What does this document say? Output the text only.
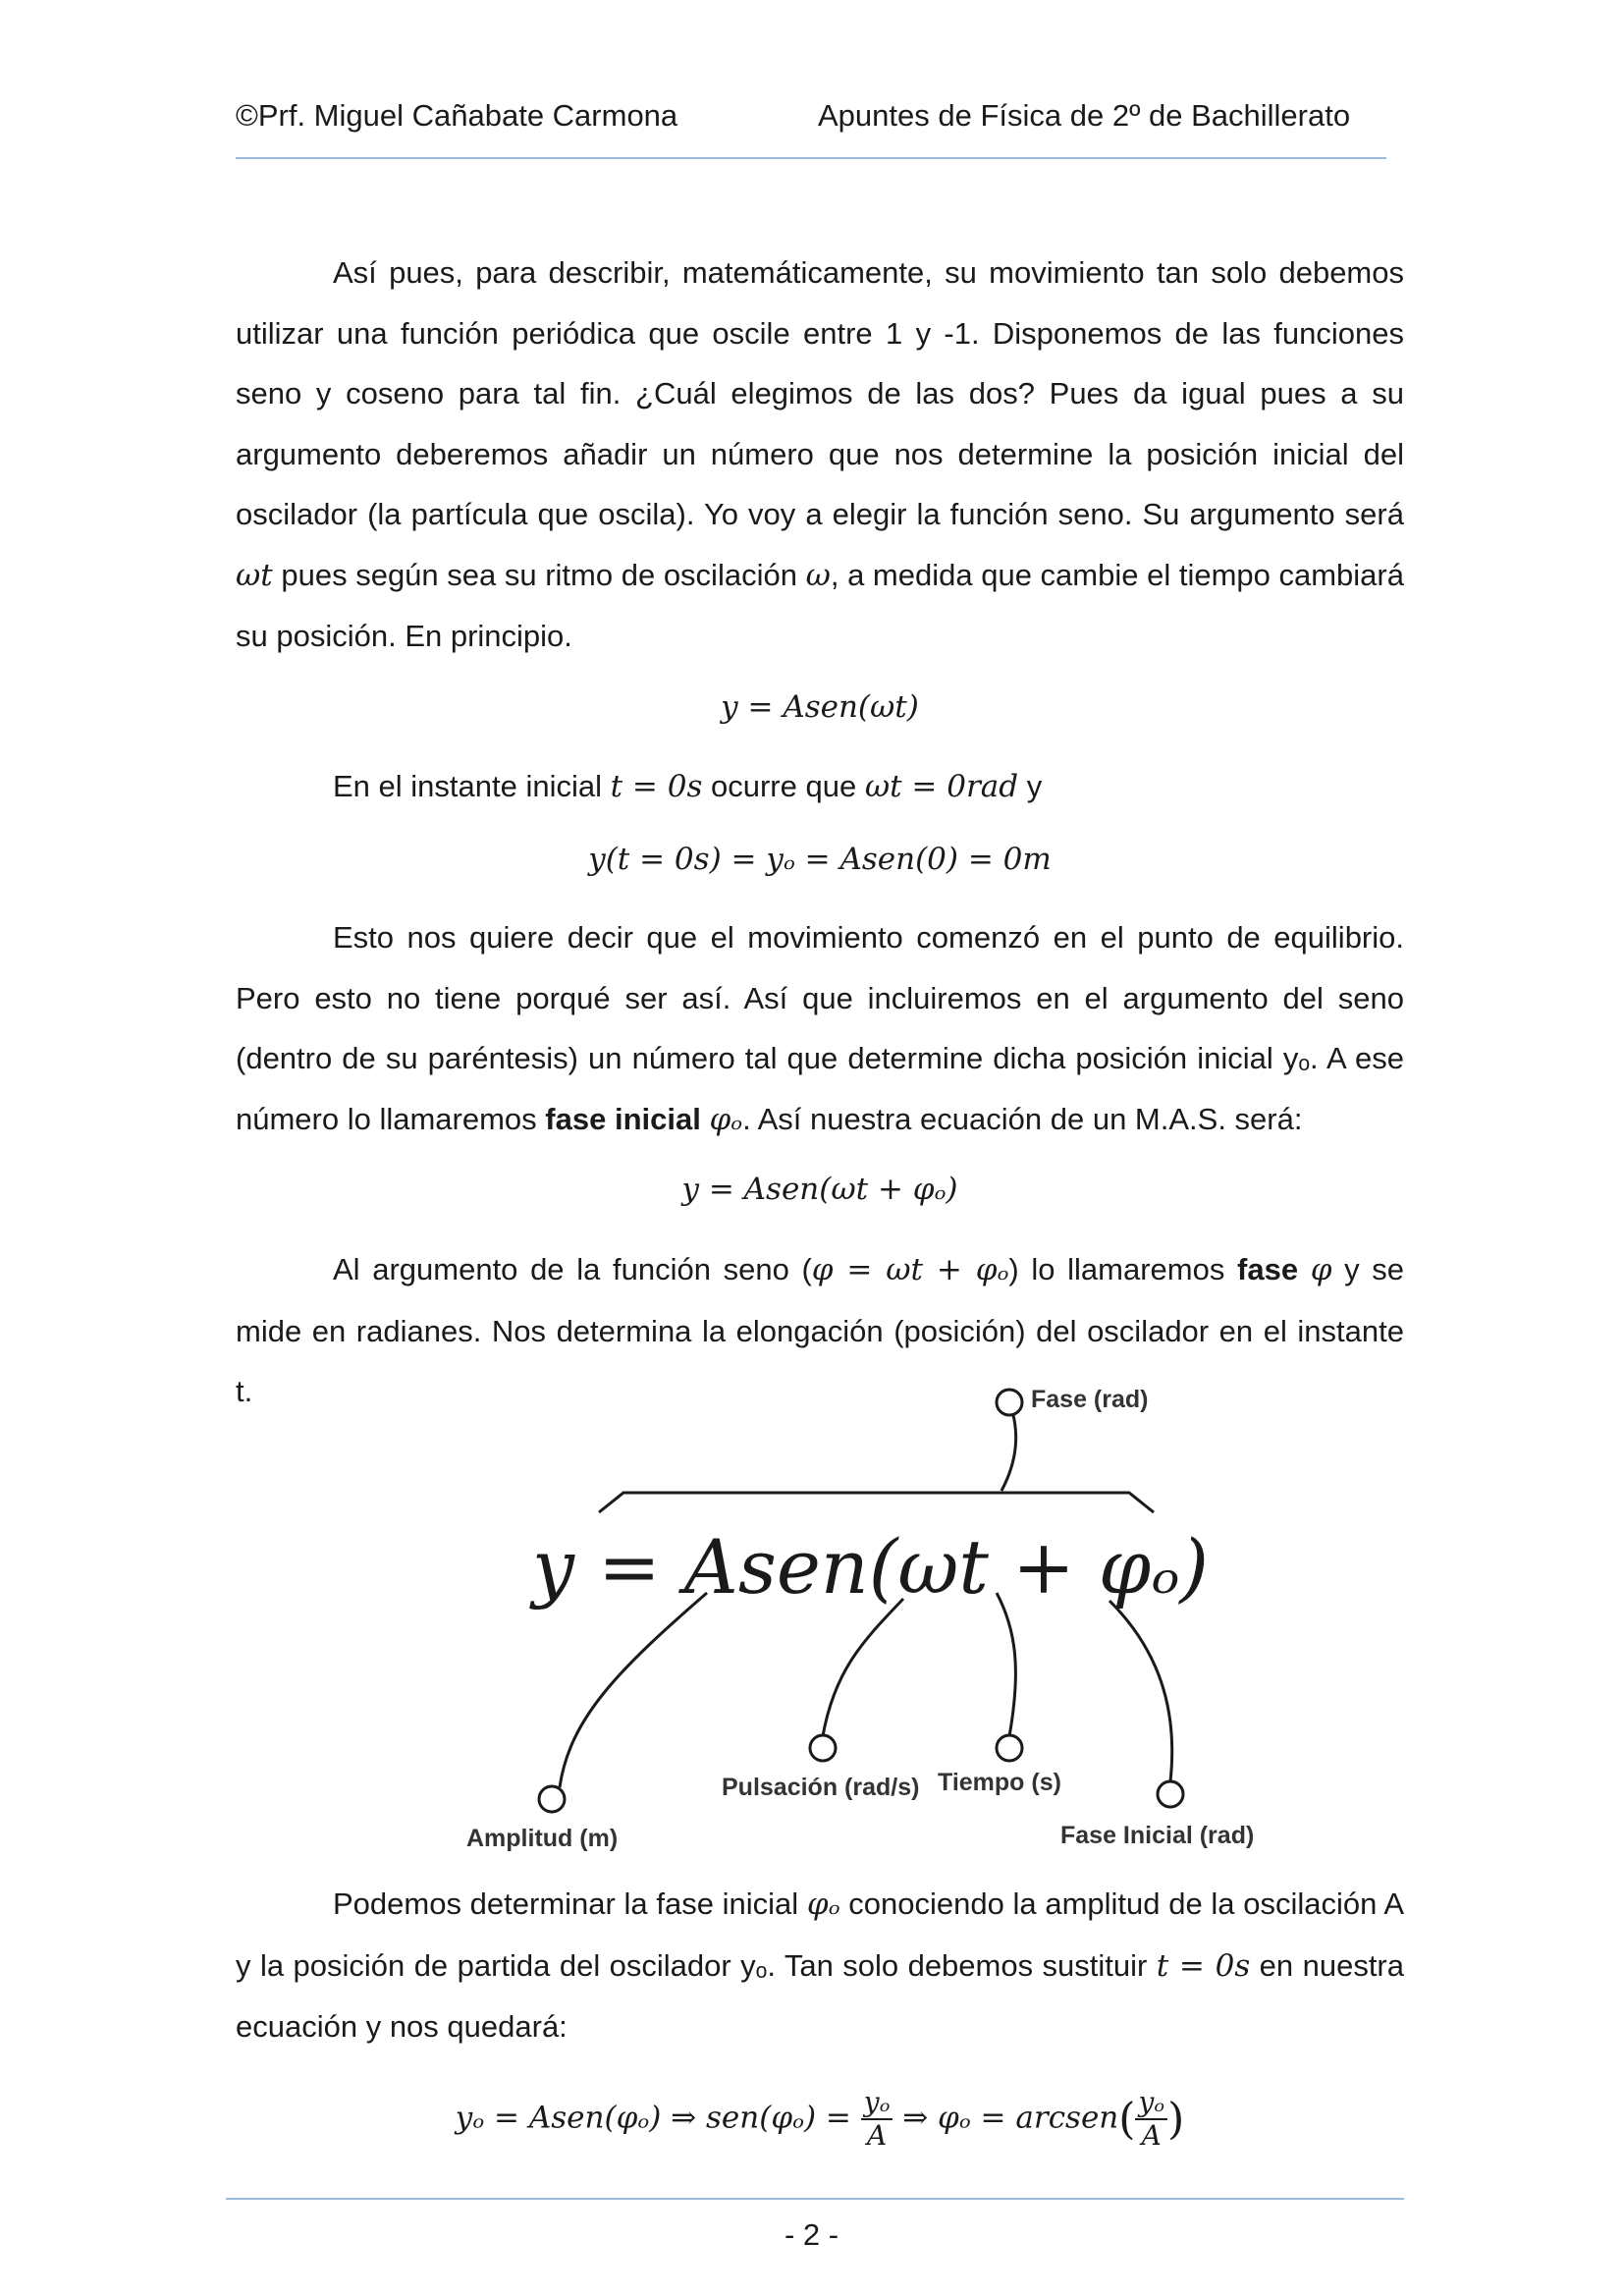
©Prf. Miguel Cañabate Carmona	Apuntes de Física de 2º de Bachillerato

Así pues, para describir, matemáticamente, su movimiento tan solo debemos utilizar una función periódica que oscile entre 1 y -1. Disponemos de las funciones seno y coseno para tal fin. ¿Cuál elegimos de las dos? Pues da igual pues a su argumento deberemos añadir un número que nos determine la posición inicial del oscilador (la partícula que oscila). Yo voy a elegir la función seno. Su argumento será ωt pues según sea su ritmo de oscilación ω, a medida que cambie el tiempo cambiará su posición. En principio.

y = Asen(ωt)

En el instante inicial t = 0s ocurre que ωt = 0rad y

y(t = 0s) = yₒ = Asen(0) = 0m

Esto nos quiere decir que el movimiento comenzó en el punto de equilibrio. Pero esto no tiene porqué ser así. Así que incluiremos en el argumento del seno (dentro de su paréntesis) un número tal que determine dicha posición inicial yₒ. A ese número lo llamaremos fase inicial φₒ. Así nuestra ecuación de un M.A.S. será:

y = Asen(ωt + φₒ)

Al argumento de la función seno (φ = ωt + φₒ) lo llamaremos fase φ y se mide en radianes. Nos determina la elongación (posición) del oscilador en el instante t.

y = Asen(ωt + φₒ)
Fase (rad)
Amplitud (m)
Pulsación (rad/s) Tiempo (s)
Fase Inicial (rad)

Podemos determinar la fase inicial φₒ conociendo la amplitud de la oscilación A y la posición de partida del oscilador yₒ. Tan solo debemos sustituir t = 0s en nuestra ecuación y nos quedará:

yₒ = Asen(φₒ) ⇒ $sen(\varphi_o) = \frac{\text{yₒ}}{A}$ ⇒ φₒ = arcsen( $\frac{\text{yₒ}}{A}$ )
- 2 -
